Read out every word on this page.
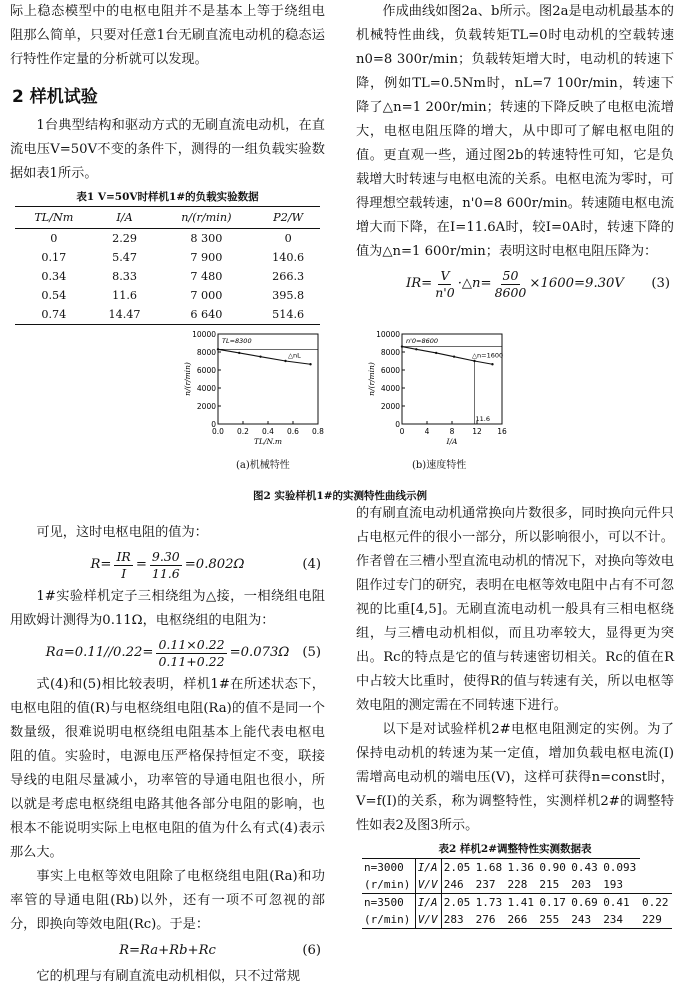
际上稳态模型中的电枢电阻并不是基本上等于绕组电阻那么简单，只要对任意1台无刷直流电动机的稳态运行特性作定量的分析就可以发现。

2 样机试验

1台典型结构和驱动方式的无刷直流电动机，在直流电压V=50V不变的条件下，测得的一组负载实验数据如表1所示。

表1 V=50V时样机1#的负载实验数据
TL/Nm	I/A	n/(r/min)	P2/W
0	2.29	8 300	0
0.17	5.47	7 900	140.6
0.34	8.33	7 480	266.3
0.54	11.6	7 000	395.8
0.74	14.47	6 640	514.6

可见，这时电枢电阻的值为：

$R= \frac{IR}{I} = \frac{9.30}{11.6} =0.802\Omega$	(4)

1#实验样机定子三相绕组为△接，一相绕组电阻用欧姆计测得为0.11Ω，电枢绕组的电阻为：

$Ra=0.11//0.22= \frac{0.11\times 0.22}{0.11+0.22} =0.073\Omega$ (5)

式(4)和(5)相比较表明，样机1#在所述状态下，电枢电阻的值(R)与电枢绕组电阻(Ra)的值不是同一个数量级，很难说明电枢绕组电阻基本上能代表电枢电阻的值。实验时，电源电压严格保持恒定不变，联接导线的电阻尽量减小，功率管的导通电阻也很小，所以就是考虑电枢绕组电路其他各部分电阻的影响，也根本不能说明实际上电枢电阻的值为什么有式(4)表示那么大。

事实上电枢等效电阻除了电枢绕组电阻(Ra)和功率管的导通电阻(Rb)以外，还有一项不可忽视的部分，即换向等效电阻(Rc)。于是：

R=Ra+Rb+Rc	(6)

它的机理与有刷直流电动机相似，只不过常规

作成曲线如图2a、b所示。图2a是电动机最基本的机械特性曲线，负载转矩TL=0时电动机的空载转速n0=8 300r/min；负载转矩增大时，电动机的转速下降，例如TL=0.5Nm时，nL=7 100r/min，转速下降了△n=1 200r/min；转速的下降反映了电枢电流增大，电枢电阻压降的增大，从中即可了解电枢电阻的值。更直观一些，通过图2b的转速特性可知，它是负载增大时转速与电枢电流的关系。电枢电流为零时，可得理想空载转速，n'0=8 600r/min。转速随电枢电流增大而下降，在I=11.6A时，较I=0A时，转速下降的值为△n=1 600r/min；表明这时电枢电阻压降为：

$IR= \frac{V}{n'0}$ ·△n= $\frac{50}{8600} \times 1600=9.30V$ (3)

的有刷直流电动机通常换向片数很多，同时换向元件只占电枢元件的很小一部分，所以影响很小，可以不计。作者曾在三槽小型直流电动机的情况下，对换向等效电阻作过专门的研究，表明在电枢等效电阻中占有不可忽视的比重[4,5]。无刷直流电动机一般具有三相电枢绕组，与三槽电动机相似，而且功率较大，显得更为突出。Rc的特点是它的值与转速密切相关。Rc的值在R中占较大比重时，使得R的值与转速有关，所以电枢等效电阻的测定需在不同转速下进行。

以下是对试验样机2#电枢电阻测定的实例。为了保持电动机的转速为某一定值，增加负载电枢电流(I)需增高电动机的端电压(V)，这样可获得n=const时，V=f(I)的关系，称为调整特性，实测样机2#的调整特性如表2及图3所示。

表2 样机2#调整特性实测数据表
n=3000	I/A	2.05	1.68	1.36	0.90	0.43	0.093	
(r/min)	V/V	246	237	228	215	203	193	
n=3500	I/A	2.05	1.73	1.41	0.17	0.69	0.41	0.22
(r/min)	V/V	283	276	266	255	243	234	229
0
2000
4000
6000
8000
10000
0.0 0.2 0.4 0.6 0.8
TL/N.m
n/(r/min)
TL=8300
△nL
0
2000
4000
6000
8000
10000
0	4	8 12 16
I/A
n/(r/min)
n'0=8600
△n=1600
11.6
(a)机械特性	(b)速度特性
图2 实验样机1#的实测特性曲线示例
